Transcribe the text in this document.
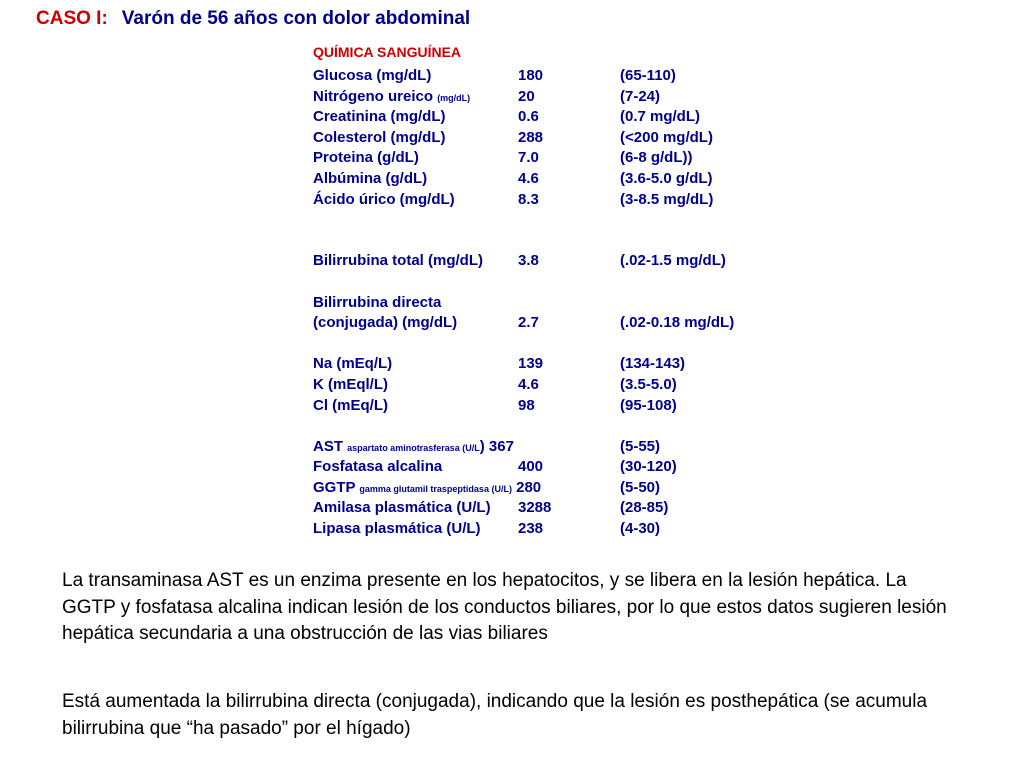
CASO I: Varón de 56 años con dolor abdominal
QUÍMICA SANGUÍNEA
Glucosa (mg/dL)	180	(65-110)
Nitrógeno ureico (mg/dL)	20	(7-24)
Creatinina (mg/dL)	0.6	(0.7 mg/dL)
Colesterol (mg/dL)	288	(<200 mg/dL)
Proteina (g/dL)	7.0	(6-8 g/dL))
Albúmina (g/dL)	4.6	(3.6-5.0 g/dL)
Ácido úrico (mg/dL)	8.3	(3-8.5 mg/dL)
Bilirrubina total (mg/dL)	3.8	(.02-1.5 mg/dL)
Bilirrubina directa
(conjugada) (mg/dL)	2.7	(.02-0.18 mg/dL)
Na (mEq/L)	139	(134-143)
K (mEql/L)	4.6	(3.5-5.0)
Cl (mEq/L)	98	(95-108)
AST aspartato aminotrasferasa (U/L) 367	(5-55)
Fosfatasa alcalina	400	(30-120)
GGTP gamma glutamil traspeptidasa (U/L) 280	(5-50)
Amilasa plasmática (U/L)	3288	(28-85)
Lipasa plasmática (U/L)	238	(4-30)
La transaminasa AST es un enzima presente en los hepatocitos, y se libera en la lesión hepática. La GGTP y fosfatasa alcalina indican lesión de los conductos biliares, por lo que estos datos sugieren lesión hepática secundaria a una obstrucción de las vias biliares
Está aumentada la bilirrubina directa (conjugada), indicando que la lesión es posthepática (se acumula bilirrubina que “ha pasado” por el hígado)
